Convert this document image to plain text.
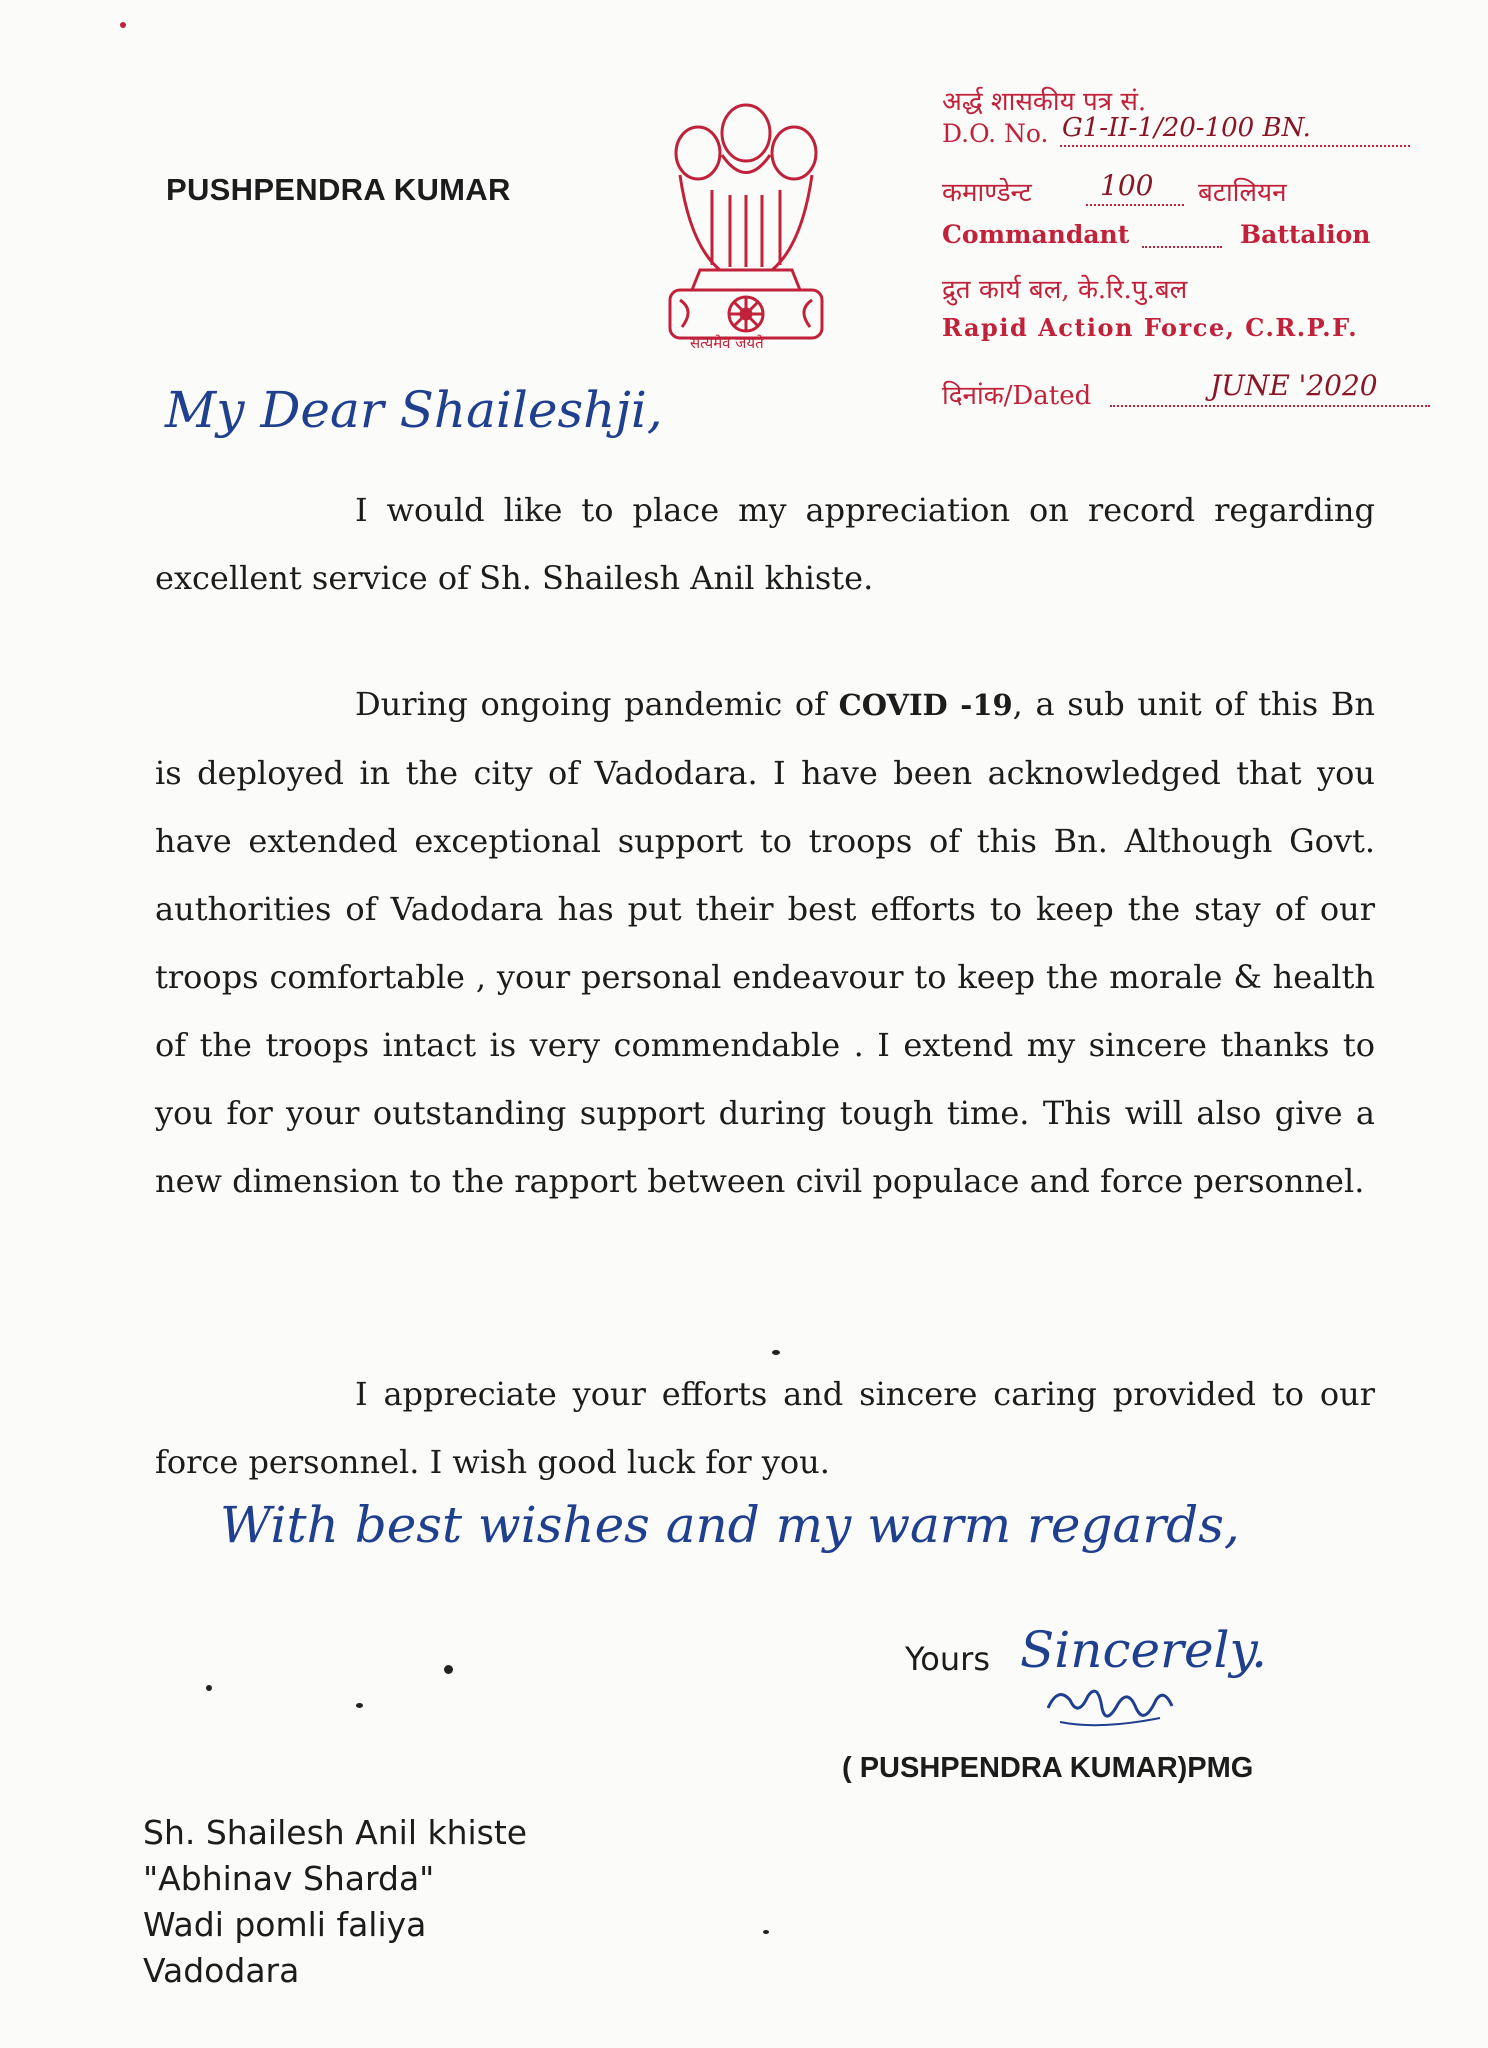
PUSHPENDRA KUMAR
सत्यमेव जयते
अर्द्ध शासकीय पत्र सं.
D.O. No. G1-II-1/20-100 BN.
कमाण्डेन्ट 100 बटालियन
Commandant	Battalion
द्रुत कार्य बल, के.रि.पु.बल
Rapid Action Force, C.R.P.F.
दिनांक/Dated	JUNE '2020
My Dear Shaileshji,

I would like to place my appreciation on record regarding excellent service of Sh. Shailesh Anil khiste.

During ongoing pandemic of COVID -19, a sub unit of this Bn is deployed in the city of Vadodara. I have been acknowledged that you have extended exceptional support to troops of this Bn. Although Govt. authorities of Vadodara has put their best efforts to keep the stay of our troops comfortable , your personal endeavour to keep the morale & health of the troops intact is very commendable . I extend my sincere thanks to you for your outstanding support during tough time. This will also give a new dimension to the rapport between civil populace and force personnel.

I appreciate your efforts and sincere caring provided to our force personnel. I wish good luck for you.

With best wishes and my warm regards,
Yours Sincerely.
( PUSHPENDRA KUMAR)PMG
Sh. Shailesh Anil khiste
"Abhinav Sharda"
Wadi pomli faliya
Vadodara
